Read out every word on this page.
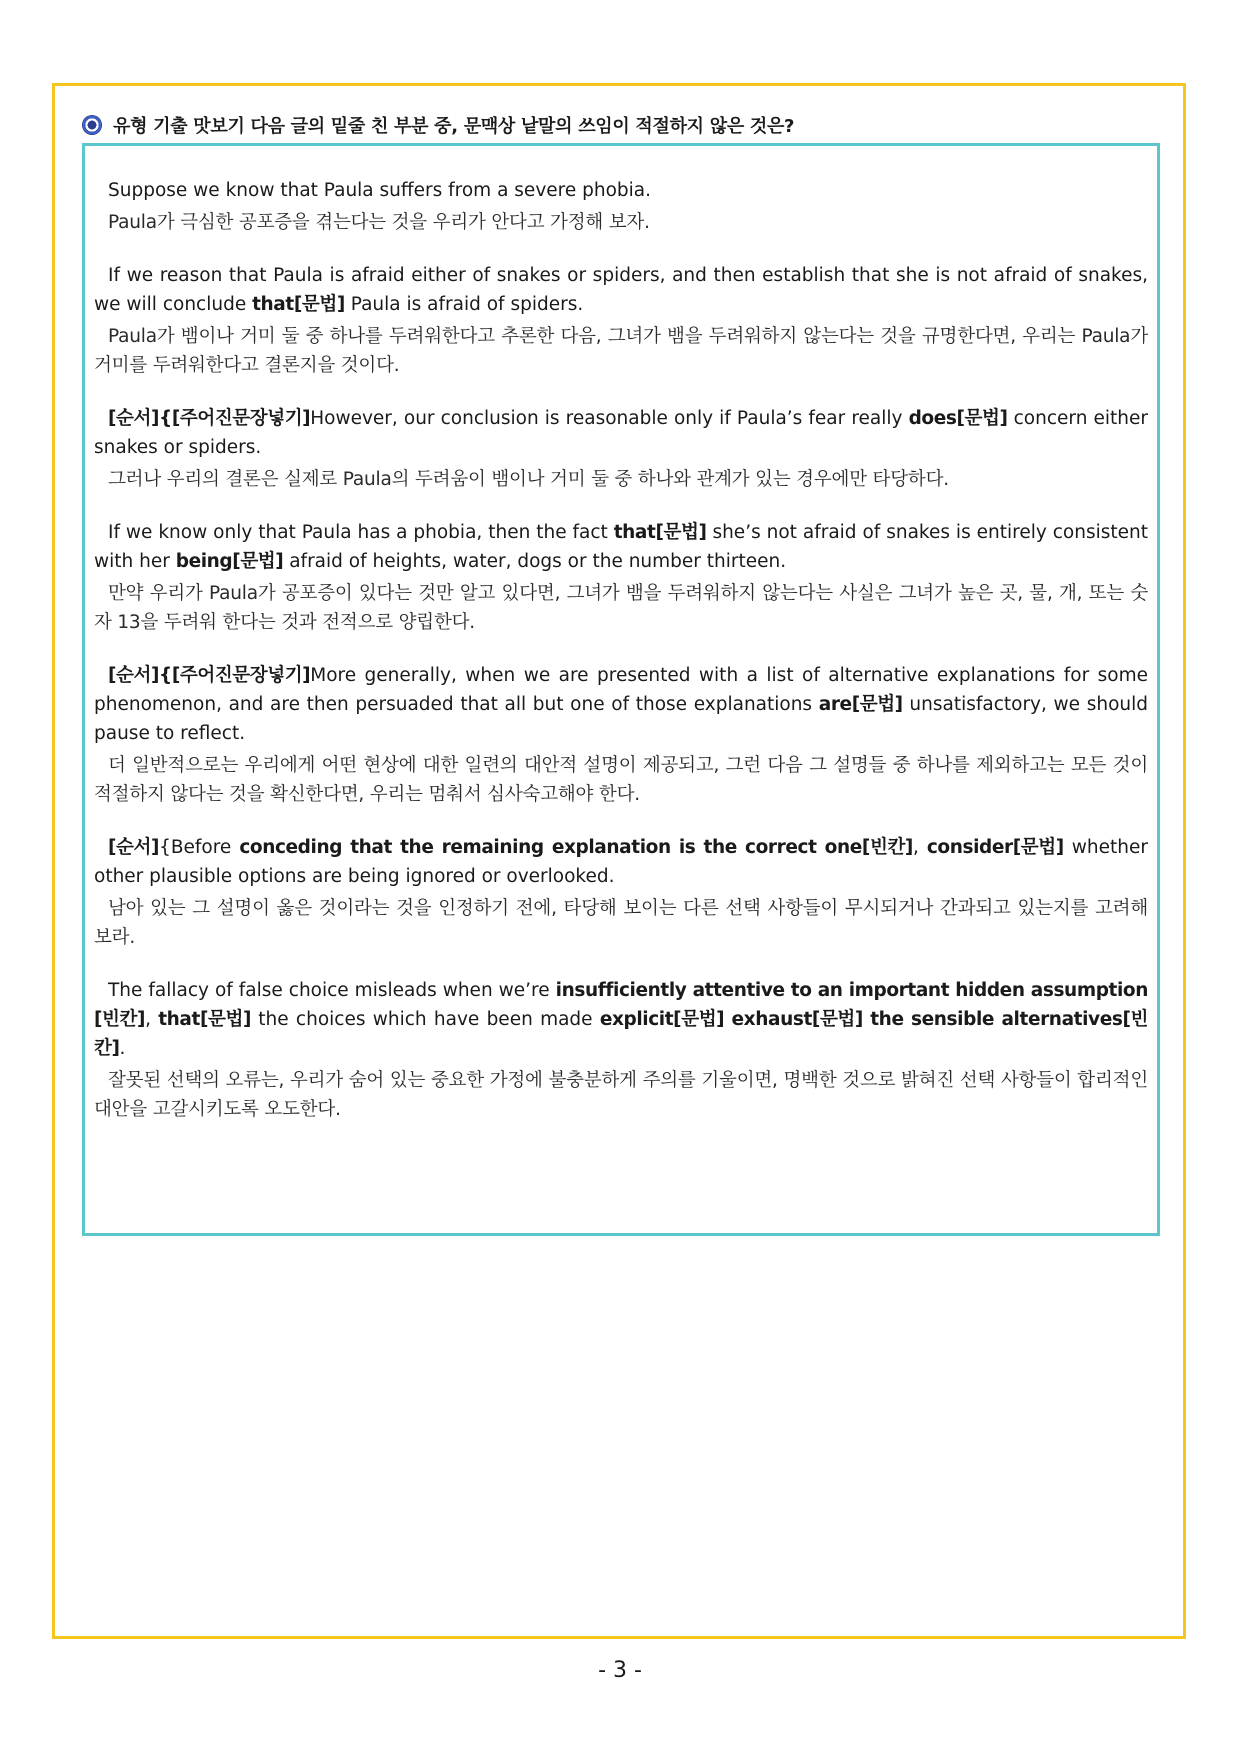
유형 기출 맛보기 다음 글의 밑줄 친 부분 중, 문맥상 낱말의 쓰임이 적절하지 않은 것은?

Suppose we know that Paula suffers from a severe phobia.

Paula가 극심한 공포증을 겪는다는 것을 우리가 안다고 가정해 보자.

If we reason that Paula is afraid either of snakes or spiders, and then establish that she is not afraid of snakes, we will conclude that[문법] Paula is afraid of spiders.

Paula가 뱀이나 거미 둘 중 하나를 두려워한다고 추론한 다음, 그녀가 뱀을 두려워하지 않는다는 것을 규명한다면, 우리는 Paula가 거미를 두려워한다고 결론지을 것이다.

[순서]{[주어진문장넣기]However, our conclusion is reasonable only if Paula’s fear really does[문법] concern either snakes or spiders.

그러나 우리의 결론은 실제로 Paula의 두려움이 뱀이나 거미 둘 중 하나와 관계가 있는 경우에만 타당하다.

If we know only that Paula has a phobia, then the fact that[문법] she’s not afraid of snakes is entirely consistent with her being[문법] afraid of heights, water, dogs or the number thirteen.

만약 우리가 Paula가 공포증이 있다는 것만 알고 있다면, 그녀가 뱀을 두려워하지 않는다는 사실은 그녀가 높은 곳, 물, 개, 또는 숫자 13을 두려워 한다는 것과 전적으로 양립한다.

[순서]{[주어진문장넣기]More generally, when we are presented with a list of alternative explanations for some phenomenon, and are then persuaded that all but one of those explanations are[문법] unsatisfactory, we should pause to reflect.

더 일반적으로는 우리에게 어떤 현상에 대한 일련의 대안적 설명이 제공되고, 그런 다음 그 설명들 중 하나를 제외하고는 모든 것이 적절하지 않다는 것을 확신한다면, 우리는 멈춰서 심사숙고해야 한다.

[순서]{Before conceding that the remaining explanation is the correct one[빈칸], consider[문법] whether other plausible options are being ignored or overlooked.

남아 있는 그 설명이 옳은 것이라는 것을 인정하기 전에, 타당해 보이는 다른 선택 사항들이 무시되거나 간과되고 있는지를 고려해 보라.

The fallacy of false choice misleads when we’re insufficiently attentive to an important hidden assumption [빈칸], that[문법] the choices which have been made explicit[문법] exhaust[문법] the sensible alternatives[빈칸].

잘못된 선택의 오류는, 우리가 숨어 있는 중요한 가정에 불충분하게 주의를 기울이면, 명백한 것으로 밝혀진 선택 사항들이 합리적인 대안을 고갈시키도록 오도한다.

- 3 -
